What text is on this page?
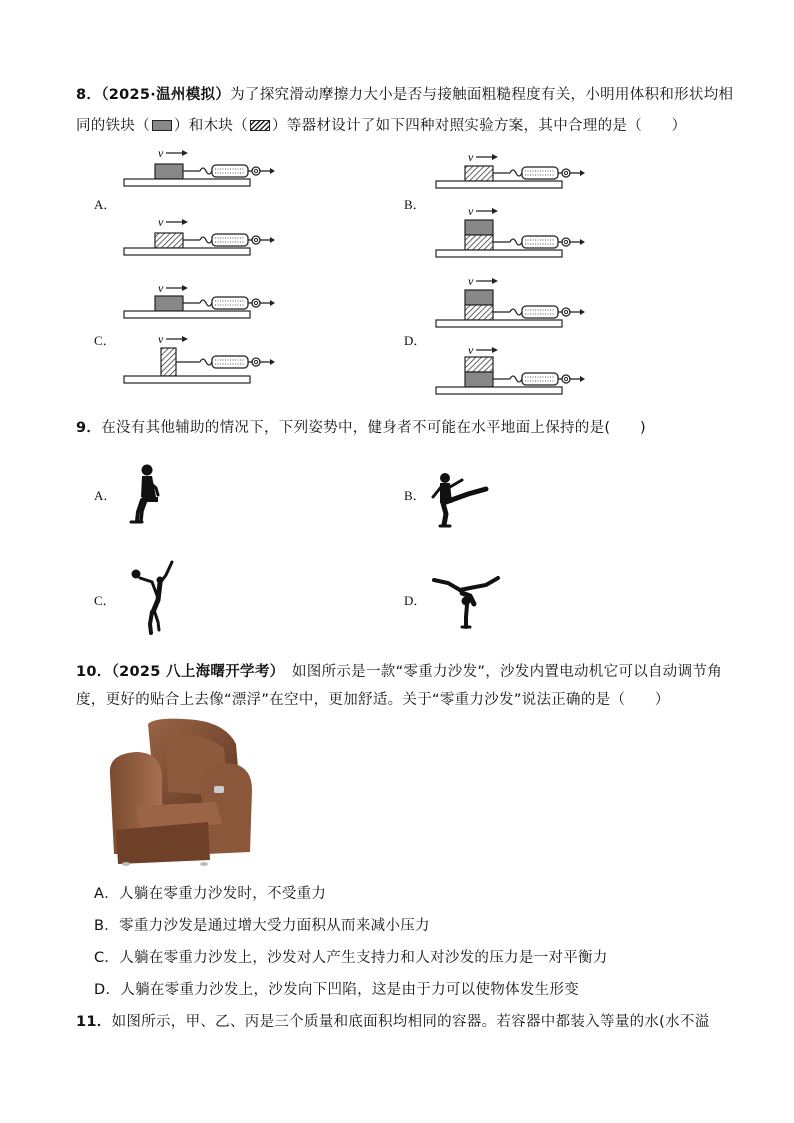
8．（2025·温州模拟）为了探究滑动摩擦力大小是否与接触面粗糙程度有关，小明用体积和形状均相
同的铁块（ ）和木块（ ）等器材设计了如下四种对照实验方案，其中合理的是（　　）
A．	B．
C．	D．
v
v
v
v
v
v
v
v
9．在没有其他辅助的情况下，下列姿势中，健身者不可能在水平地面上保持的是(　　)
A．	B．
C．	D．
10．（2025 八上海曙开学考）　如图所示是一款“零重力沙发”，沙发内置电动机它可以自动调节角
度，更好的贴合上去像“漂浮”在空中，更加舒适。关于“零重力沙发”说法正确的是（　　）
A．人躺在零重力沙发时，不受重力
B．零重力沙发是通过增大受力面积从而来减小压力
C．人躺在零重力沙发上，沙发对人产生支持力和人对沙发的压力是一对平衡力
D．人躺在零重力沙发上，沙发向下凹陷，这是由于力可以使物体发生形变
11．如图所示，甲、乙、丙是三个质量和底面积均相同的容器。若容器中都装入等量的水(水不溢
